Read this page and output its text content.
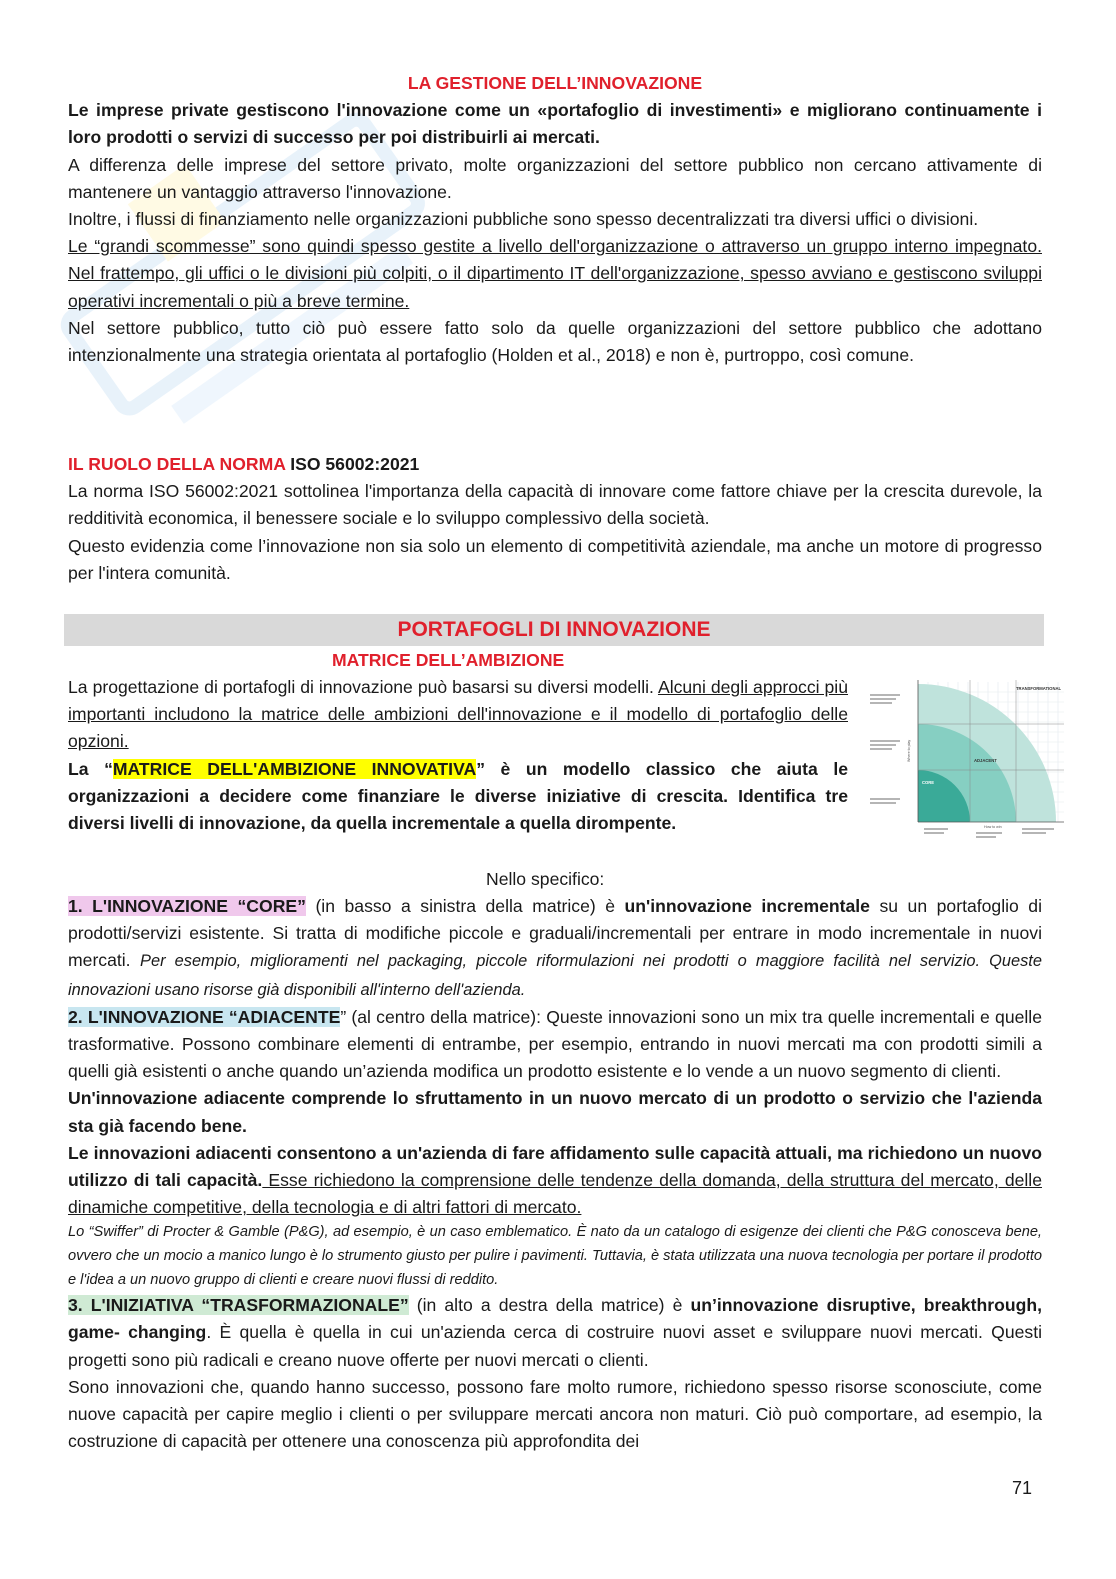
LA GESTIONE DELL’INNOVAZIONE

Le imprese private gestiscono l'innovazione come un «portafoglio di investimenti» e migliorano continuamente i loro prodotti o servizi di successo per poi distribuirli ai mercati.

A differenza delle imprese del settore privato, molte organizzazioni del settore pubblico non cercano attivamente di mantenere un vantaggio attraverso l'innovazione.

Inoltre, i flussi di finanziamento nelle organizzazioni pubbliche sono spesso decentralizzati tra diversi uffici o divisioni.

Le “grandi scommesse” sono quindi spesso gestite a livello dell'organizzazione o attraverso un gruppo interno impegnato. Nel frattempo, gli uffici o le divisioni più colpiti, o il dipartimento IT dell'organizzazione, spesso avviano e gestiscono sviluppi operativi incrementali o più a breve termine.

Nel settore pubblico, tutto ciò può essere fatto solo da quelle organizzazioni del settore pubblico che adottano intenzionalmente una strategia orientata al portafoglio (Holden et al., 2018) e non è, purtroppo, così comune.

IL RUOLO DELLA NORMA ISO 56002:2021

La norma ISO 56002:2021 sottolinea l'importanza della capacità di innovare come fattore chiave per la crescita durevole, la redditività economica, il benessere sociale e lo sviluppo complessivo della società.

Questo evidenzia come l’innovazione non sia solo un elemento di competitività aziendale, ma anche un motore di progresso per l'intera comunità.

PORTAFOGLI DI INNOVAZIONE
MATRICE DELL’AMBIZIONE

La progettazione di portafogli di innovazione può basarsi su diversi modelli. Alcuni degli approcci più importanti includono la matrice delle ambizioni dell'innovazione e il modello di portafoglio delle opzioni.

La “MATRICE DELL'AMBIZIONE INNOVATIVA” è un modello classico che aiuta le organizzazioni a decidere come finanziare le diverse iniziative di crescita. Identifica tre diversi livelli di innovazione, da quella incrementale a quella dirompente.

TRANSFORMATIONAL
ADJACENT
CORE
Where to play
How to win
Nello specifico:

1. L'INNOVAZIONE “CORE” (in basso a sinistra della matrice) è un'innovazione incrementale su un portafoglio di prodotti/servizi esistente. Si tratta di modifiche piccole e graduali/incrementali per entrare in modo incrementale in nuovi mercati. Per esempio, miglioramenti nel packaging, piccole riformulazioni nei prodotti o maggiore facilità nel servizio. Queste innovazioni usano risorse già disponibili all'interno dell'azienda.

2. L'INNOVAZIONE “ADIACENTE” (al centro della matrice): Queste innovazioni sono un mix tra quelle incrementali e quelle trasformative. Possono combinare elementi di entrambe, per esempio, entrando in nuovi mercati ma con prodotti simili a quelli già esistenti o anche quando un’azienda modifica un prodotto esistente e lo vende a un nuovo segmento di clienti.

Un'innovazione adiacente comprende lo sfruttamento in un nuovo mercato di un prodotto o servizio che l'azienda sta già facendo bene.

Le innovazioni adiacenti consentono a un'azienda di fare affidamento sulle capacità attuali, ma richiedono un nuovo utilizzo di tali capacità. Esse richiedono la comprensione delle tendenze della domanda, della struttura del mercato, delle dinamiche competitive, della tecnologia e di altri fattori di mercato.

Lo “Swiffer” di Procter & Gamble (P&G), ad esempio, è un caso emblematico. È nato da un catalogo di esigenze dei clienti che P&G conosceva bene, ovvero che un mocio a manico lungo è lo strumento giusto per pulire i pavimenti. Tuttavia, è stata utilizzata una nuova tecnologia per portare il prodotto e l'idea a un nuovo gruppo di clienti e creare nuovi flussi di reddito.

3. L'INIZIATIVA “TRASFORMAZIONALE” (in alto a destra della matrice) è un’innovazione disruptive, breakthrough, game- changing. È quella è quella in cui un'azienda cerca di costruire nuovi asset e sviluppare nuovi mercati. Questi progetti sono più radicali e creano nuove offerte per nuovi mercati o clienti.

Sono innovazioni che, quando hanno successo, possono fare molto rumore, richiedono spesso risorse sconosciute, come nuove capacità per capire meglio i clienti o per sviluppare mercati ancora non maturi. Ciò può comportare, ad esempio, la costruzione di capacità per ottenere una conoscenza più approfondita dei

71
